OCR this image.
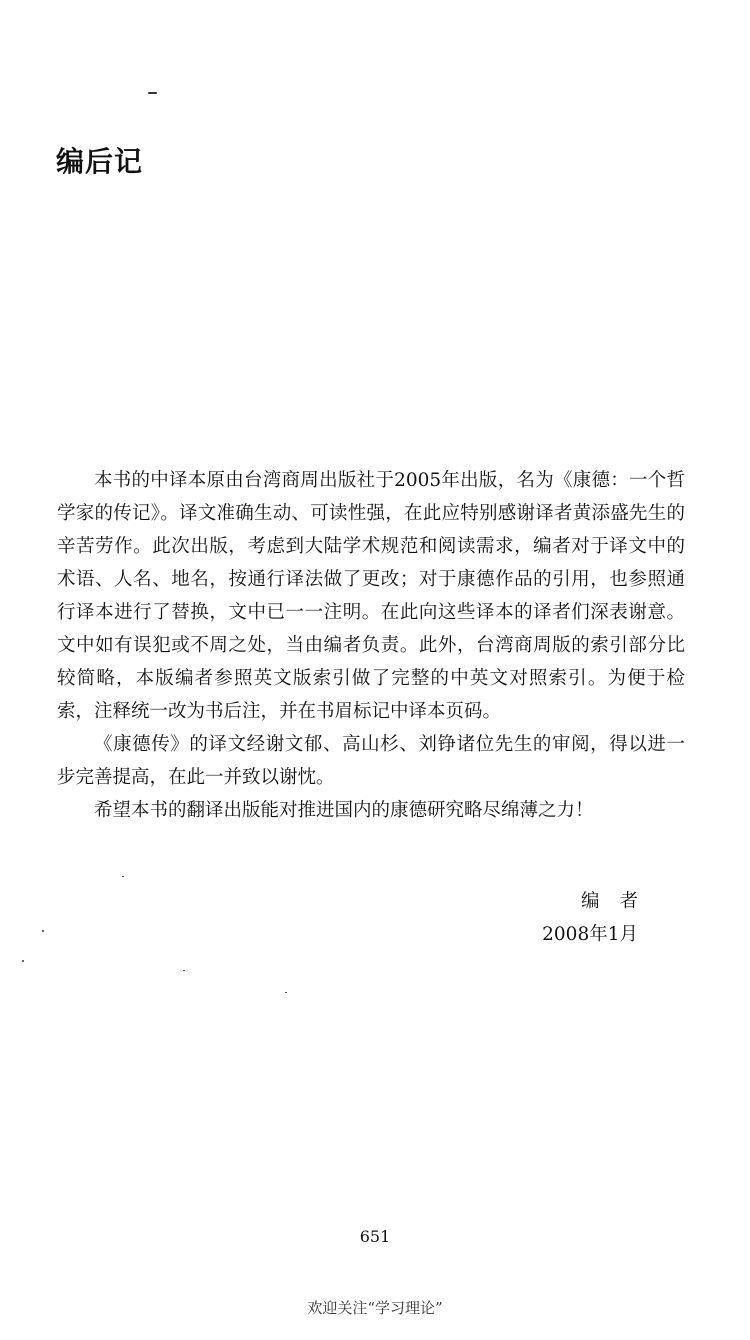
编后记

本书的中译本原由台湾商周出版社于2005年出版，名为《康德：一个哲学家的传记》。译文准确生动、可读性强，在此应特别感谢译者黄添盛先生的辛苦劳作。此次出版，考虑到大陆学术规范和阅读需求，编者对于译文中的术语、人名、地名，按通行译法做了更改；对于康德作品的引用，也参照通行译本进行了替换，文中已一一注明。在此向这些译本的译者们深表谢意。文中如有误犯或不周之处，当由编者负责。此外，台湾商周版的索引部分比较简略，本版编者参照英文版索引做了完整的中英文对照索引。为便于检索，注释统一改为书后注，并在书眉标记中译本页码。

《康德传》的译文经谢文郁、高山杉、刘铮诸位先生的审阅，得以进一步完善提高，在此一并致以谢忱。

希望本书的翻译出版能对推进国内的康德研究略尽绵薄之力！

编者
2008年1月
651
欢迎关注“学习理论”
